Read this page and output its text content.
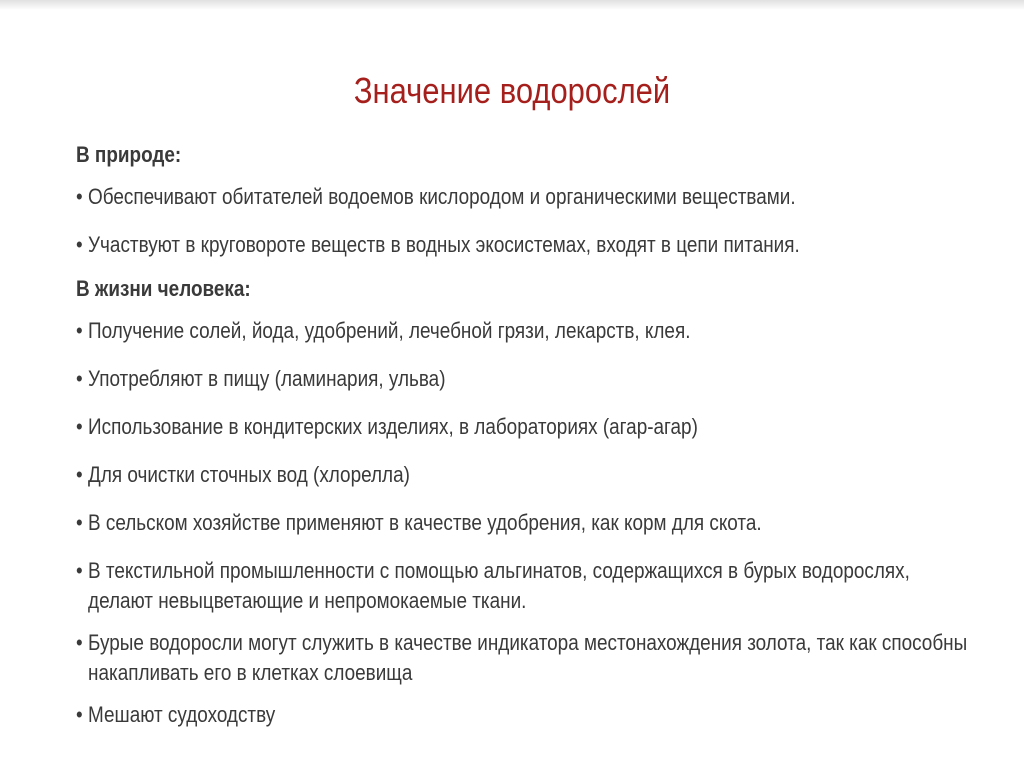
Значение водорослей
В природе:
• Обеспечивают обитателей водоемов кислородом и органическими веществами.
• Участвуют в круговороте веществ в водных экосистемах, входят в цепи питания.
В жизни человека:
• Получение солей, йода, удобрений, лечебной грязи, лекарств, клея.
• Употребляют в пищу (ламинария, ульва)
• Использование в кондитерских изделиях, в лабораториях (агар-агар)
• Для очистки сточных вод (хлорелла)
• В сельском хозяйстве применяют в качестве удобрения, как корм для скота.
• В текстильной промышленности с помощью альгинатов, содержащихся в бурых водорослях, делают невыцветающие и непромокаемые ткани.
• Бурые водоросли могут служить в качестве индикатора местонахождения золота, так как способны накапливать его в клетках слоевища
• Мешают судоходству
